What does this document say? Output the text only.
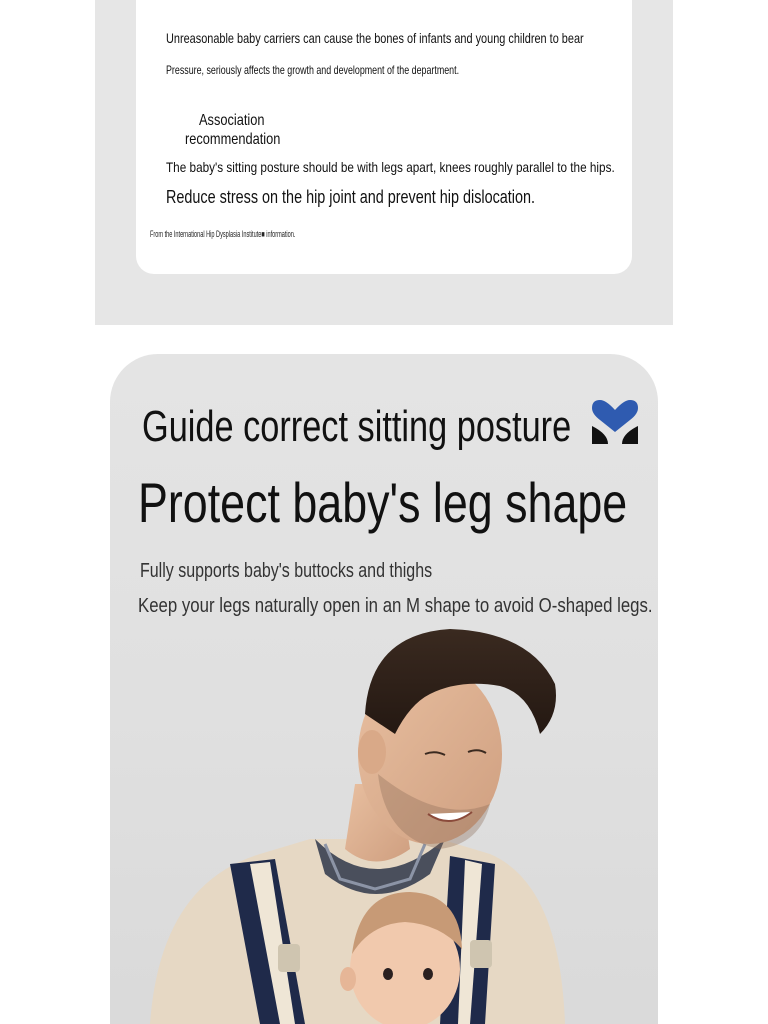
Unreasonable baby carriers can cause the bones of infants and young children to bear
Pressure, seriously affects the growth and development of the department.
Association
recommendation
The baby's sitting posture should be with legs apart, knees roughly parallel to the hips.
Reduce stress on the hip joint and prevent hip dislocation.
From the International Hip Dysplasia Institute■ information.
Guide correct sitting posture
Protect baby's leg shape
Fully supports baby's buttocks and thighs
Keep your legs naturally open in an M shape to avoid O-shaped legs.
